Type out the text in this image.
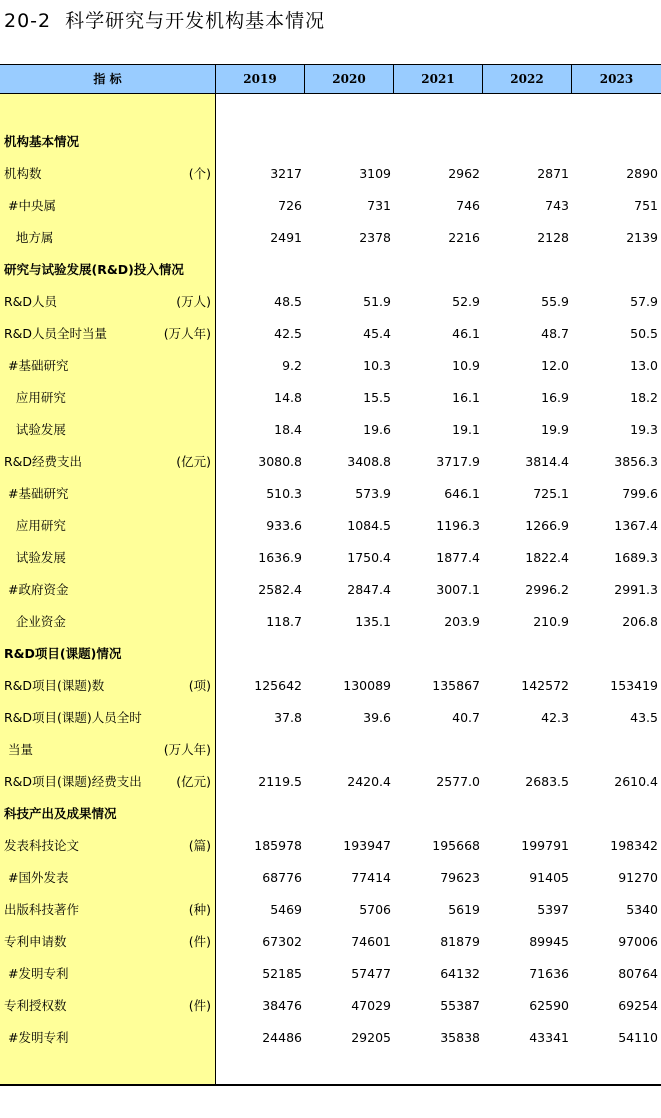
20-2 科学研究与开发机构基本情况
指 标	2019	2020	2021	2022	2023
机构基本情况
机构数	(个)	3217	3109	2962	2871	2890
#中央属	726	731	746	743	751
地方属	2491	2378	2216	2128	2139
研究与试验发展(R&D)投入情况
R&D人员	(万人)	48.5	51.9	52.9	55.9	57.9
R&D人员全时当量	(万人年)	42.5	45.4	46.1	48.7	50.5
#基础研究	9.2	10.3	10.9	12.0	13.0
应用研究	14.8	15.5	16.1	16.9	18.2
试验发展	18.4	19.6	19.1	19.9	19.3
R&D经费支出	(亿元)	3080.8	3408.8	3717.9	3814.4	3856.3
#基础研究	510.3	573.9	646.1	725.1	799.6
应用研究	933.6	1084.5	1196.3	1266.9	1367.4
试验发展	1636.9	1750.4	1877.4	1822.4	1689.3
#政府资金	2582.4	2847.4	3007.1	2996.2	2991.3
企业资金	118.7	135.1	203.9	210.9	206.8
R&D项目(课题)情况
R&D项目(课题)数	(项)	125642	130089	135867	142572	153419
R&D项目(课题)人员全时	37.8	39.6	40.7	42.3	43.5
当量	(万人年)
R&D项目(课题)经费支出	(亿元)	2119.5	2420.4	2577.0	2683.5	2610.4
科技产出及成果情况
发表科技论文	(篇)	185978	193947	195668	199791	198342
#国外发表	68776	77414	79623	91405	91270
出版科技著作	(种)	5469	5706	5619	5397	5340
专利申请数	(件)	67302	74601	81879	89945	97006
#发明专利	52185	57477	64132	71636	80764
专利授权数	(件)	38476	47029	55387	62590	69254
#发明专利	24486	29205	35838	43341	54110
